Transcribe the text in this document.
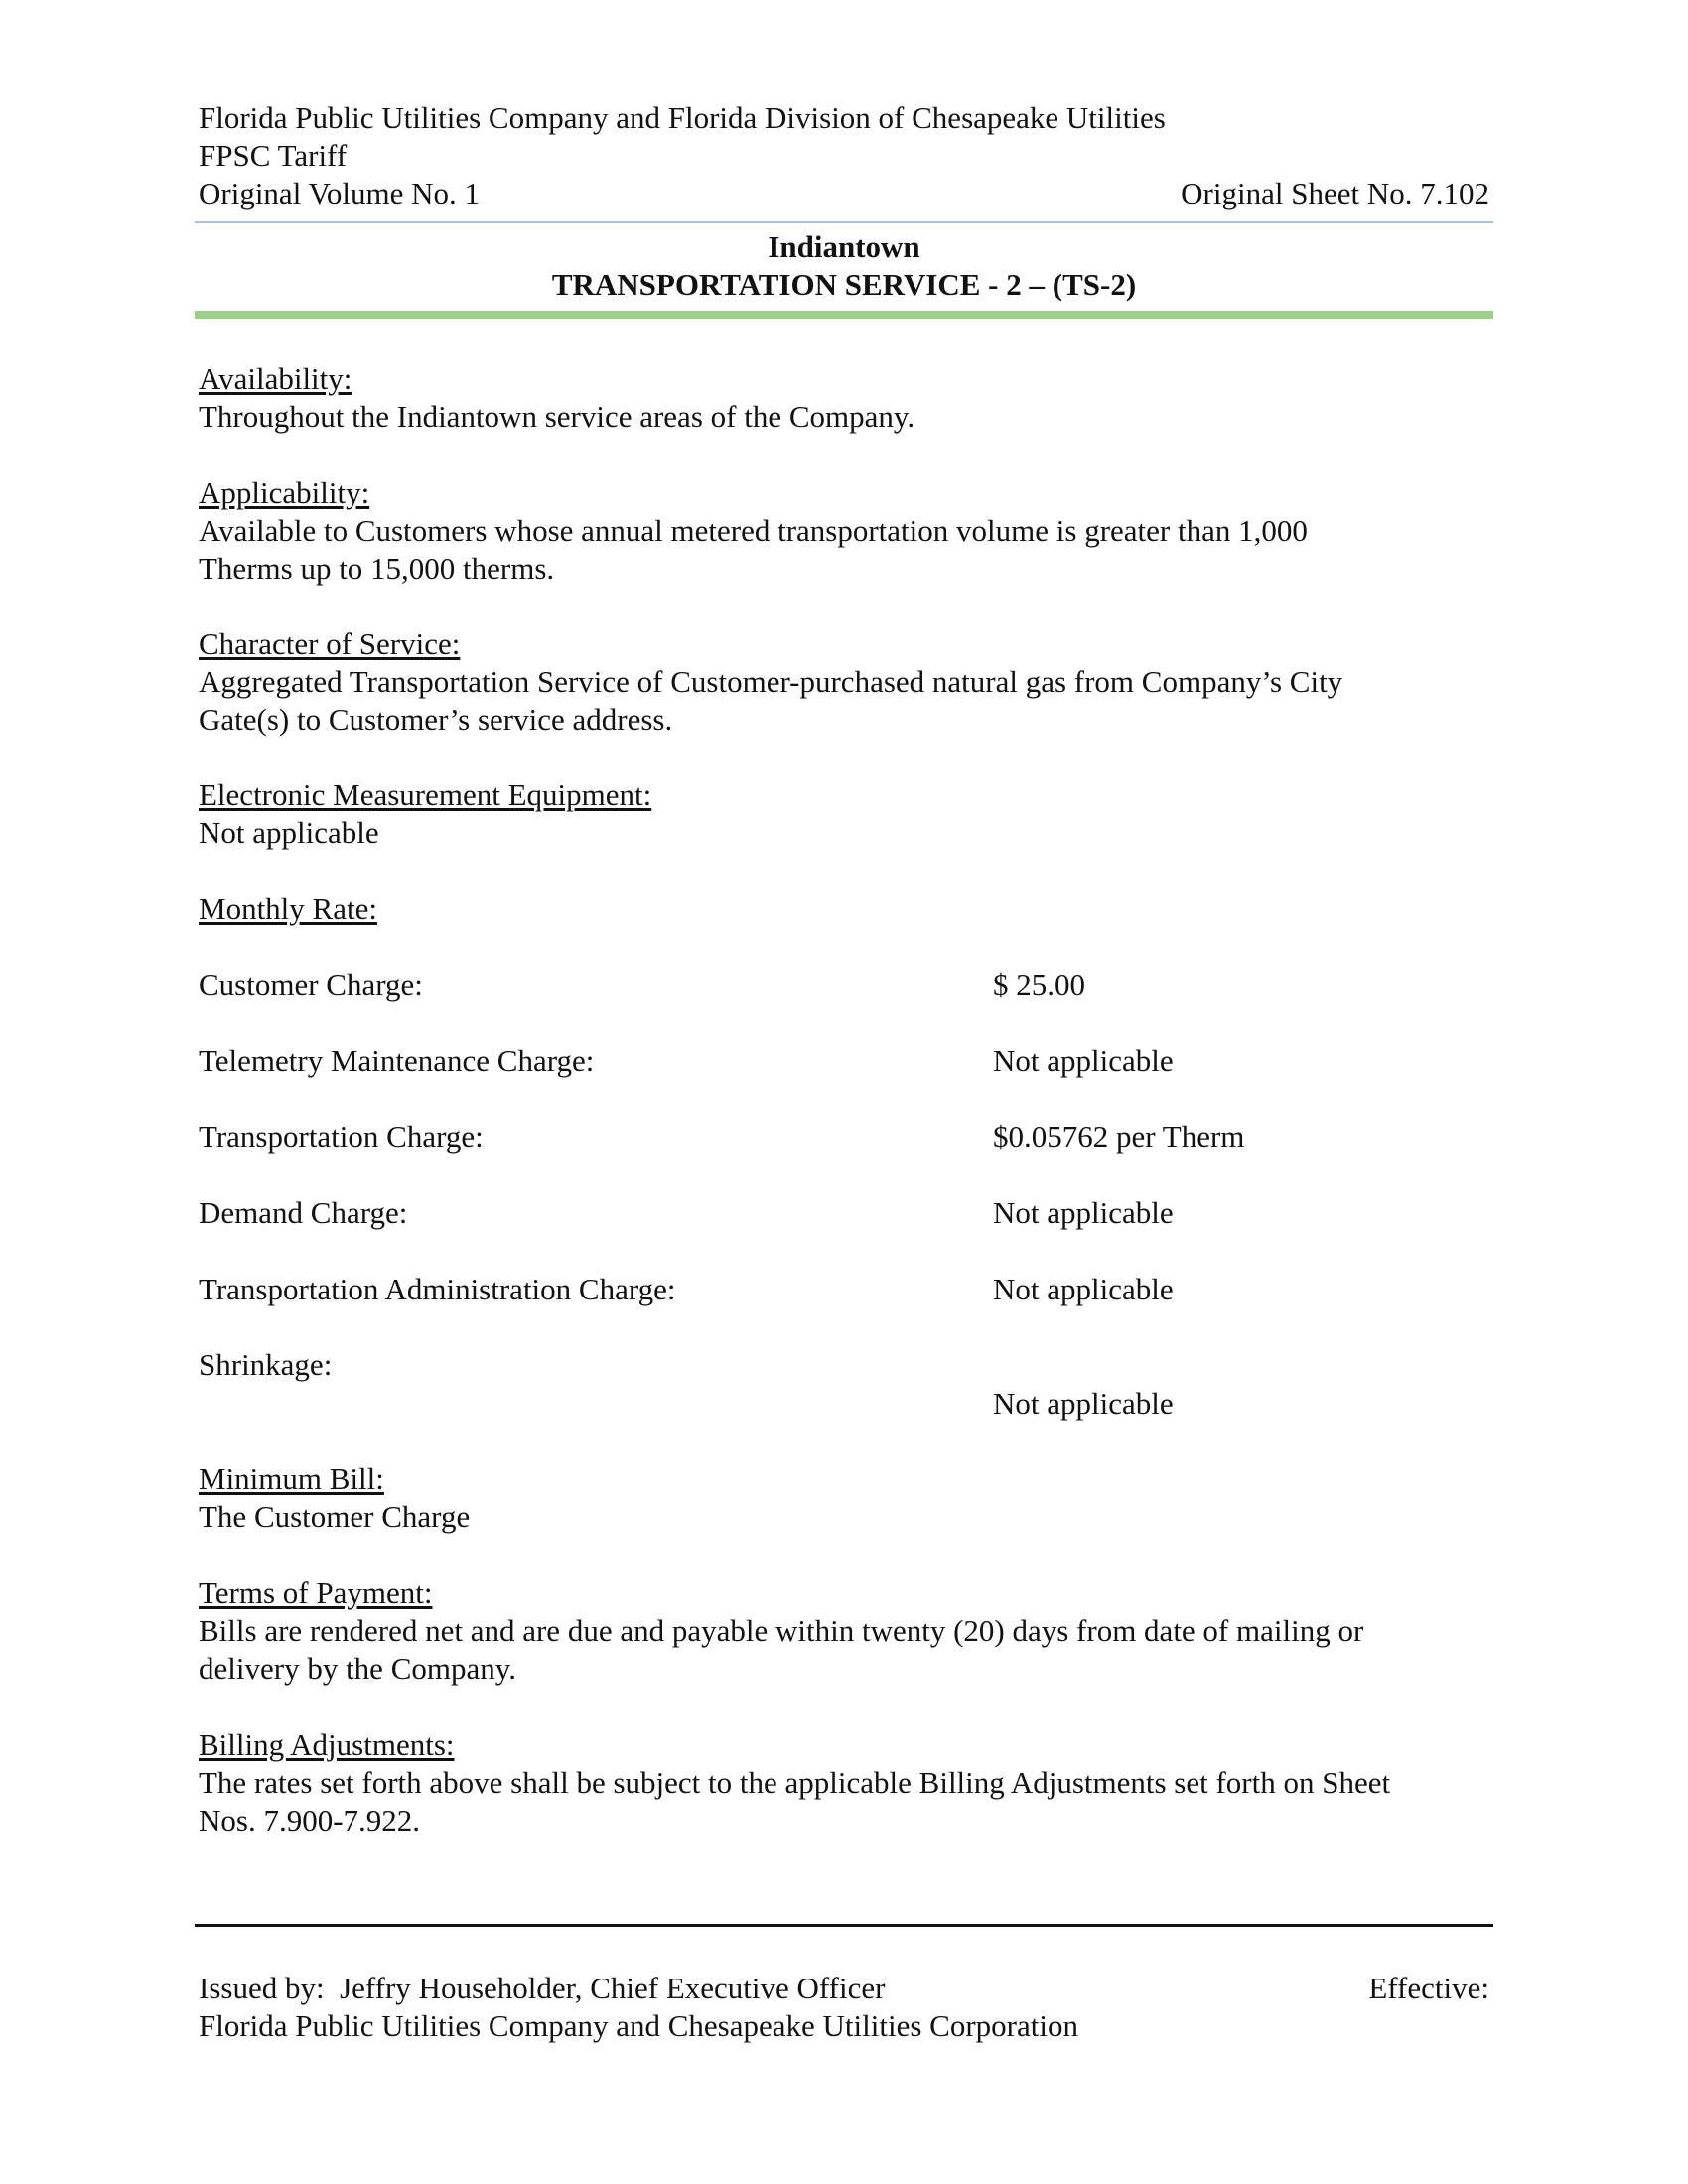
Florida Public Utilities Company and Florida Division of Chesapeake Utilities
FPSC Tariff
Original Volume No. 1	Original Sheet No. 7.102
Indiantown
TRANSPORTATION SERVICE - 2 – (TS-2)
Availability:
Throughout the Indiantown service areas of the Company.
Applicability:
Available to Customers whose annual metered transportation volume is greater than 1,000
Therms up to 15,000 therms.
Character of Service:
Aggregated Transportation Service of Customer-purchased natural gas from Company’s City
Gate(s) to Customer’s service address.
Electronic Measurement Equipment:
Not applicable
Monthly Rate:
Customer Charge:	$ 25.00
Telemetry Maintenance Charge:	Not applicable
Transportation Charge:	$0.05762 per Therm
Demand Charge:	Not applicable
Transportation Administration Charge:	Not applicable
Shrinkage:
Not applicable
Minimum Bill:
The Customer Charge
Terms of Payment:
Bills are rendered net and are due and payable within twenty (20) days from date of mailing or
delivery by the Company.
Billing Adjustments:
The rates set forth above shall be subject to the applicable Billing Adjustments set forth on Sheet
Nos. 7.900-7.922.
Issued by:  Jeffry Householder, Chief Executive Officer	Effective:
Florida Public Utilities Company and Chesapeake Utilities Corporation
